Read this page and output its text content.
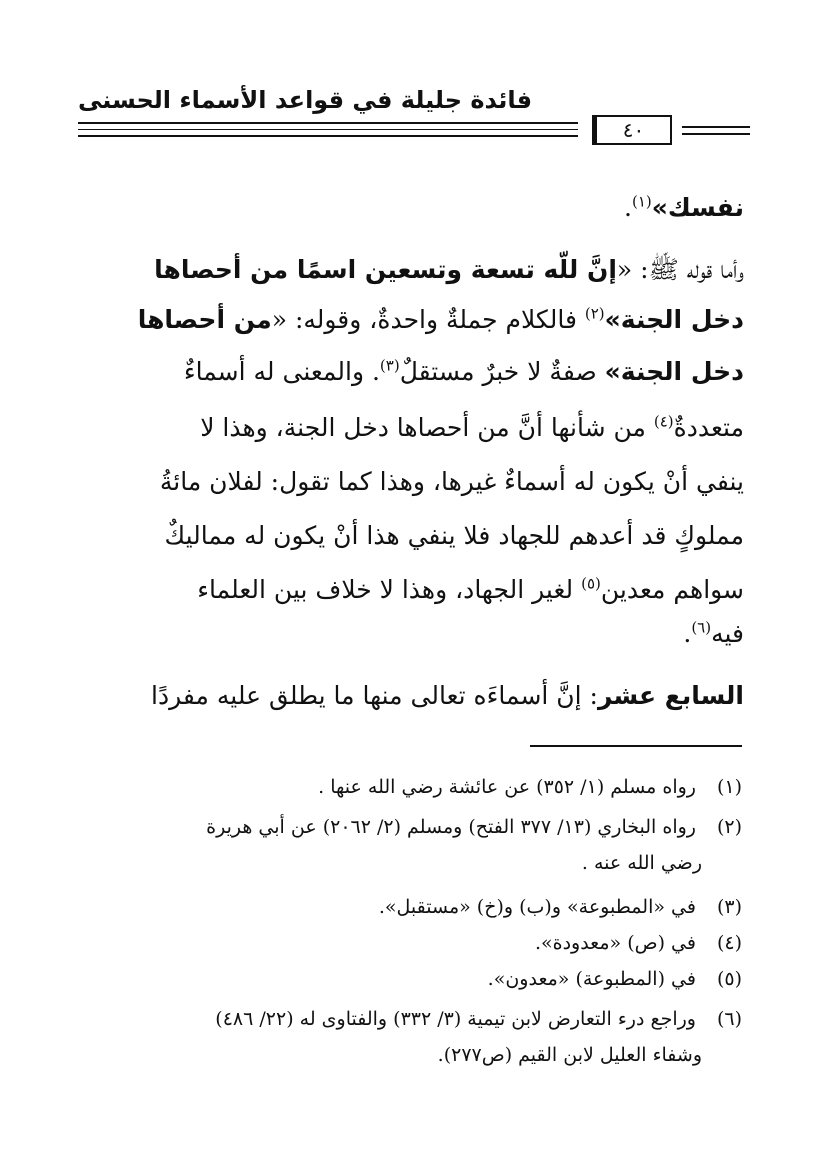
فائدة جليلة في قواعد الأسماء الحسنى
٤٠
نفسك»$^{(١)}$.
وأما قوله ﷺ: «إنَّ للّه تسعة وتسعين اسمًا من أحصاها
دخل الجنة»$^{(٢)}$ فالكلام جملةٌ واحدةٌ، وقوله: «من أحصاها
دخل الجنة» صفةٌ لا خبرٌ مستقلٌ$^{(٣)}$. والمعنى له أسماءٌ
متعددةٌ$^{(٤)}$ من شأنها أنَّ من أحصاها دخل الجنة، وهذا لا
ينفي أنْ يكون له أسماءٌ غيرها، وهذا كما تقول: لفلان مائةُ
مملوكٍ قد أعدهم للجهاد فلا ينفي هذا أنْ يكون له مماليكٌ
سواهم معدين$^{(٥)}$ لغير الجهاد، وهذا لا خلاف بين العلماء
فيه$^{(٦)}$.
السابع عشر: إنَّ أسماءَه تعالى منها ما يطلق عليه مفردًا
(١) رواه مسلم (١/ ٣٥٢) عن عائشة رضي الله عنها .
(٢) رواه البخاري (١٣/ ٣٧٧ الفتح) ومسلم (٢/ ٢٠٦٢) عن أبي هريرة
رضي الله عنه .
(٣) في «المطبوعة» و(ب) و(خ) «مستقبل».
(٤) في (ص) «معدودة».
(٥) في (المطبوعة) «معدون».
(٦) وراجع درء التعارض لابن تيمية (٣/ ٣٣٢) والفتاوى له (٢٢/ ٤٨٦)
وشفاء العليل لابن القيم (ص٢٧٧).
